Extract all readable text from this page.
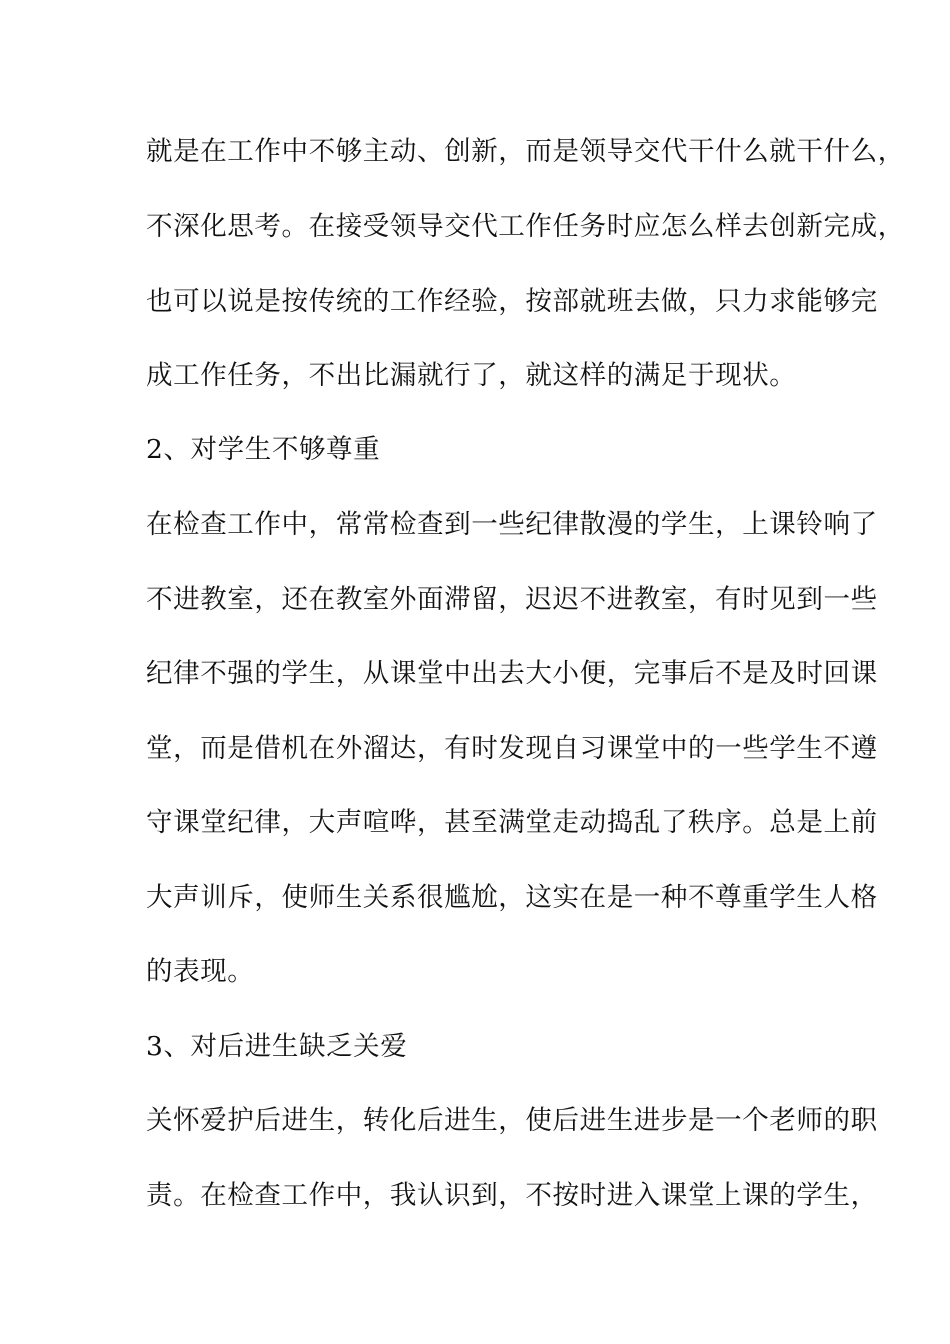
就是在工作中不够主动、创新，而是领导交代干什么就干什么，
不深化思考。在接受领导交代工作任务时应怎么样去创新完成，
也可以说是按传统的工作经验，按部就班去做，只力求能够完
成工作任务，不出比漏就行了，就这样的满足于现状。
2、对学生不够尊重
在检查工作中，常常检查到一些纪律散漫的学生，上课铃响了
不进教室，还在教室外面滞留，迟迟不进教室，有时见到一些
纪律不强的学生，从课堂中出去大小便，完事后不是及时回课
堂，而是借机在外溜达，有时发现自习课堂中的一些学生不遵
守课堂纪律，大声喧哗，甚至满堂走动捣乱了秩序。总是上前
大声训斥，使师生关系很尴尬，这实在是一种不尊重学生人格
的表现。
3、对后进生缺乏关爱
关怀爱护后进生，转化后进生，使后进生进步是一个老师的职
责。在检查工作中，我认识到，不按时进入课堂上课的学生，
